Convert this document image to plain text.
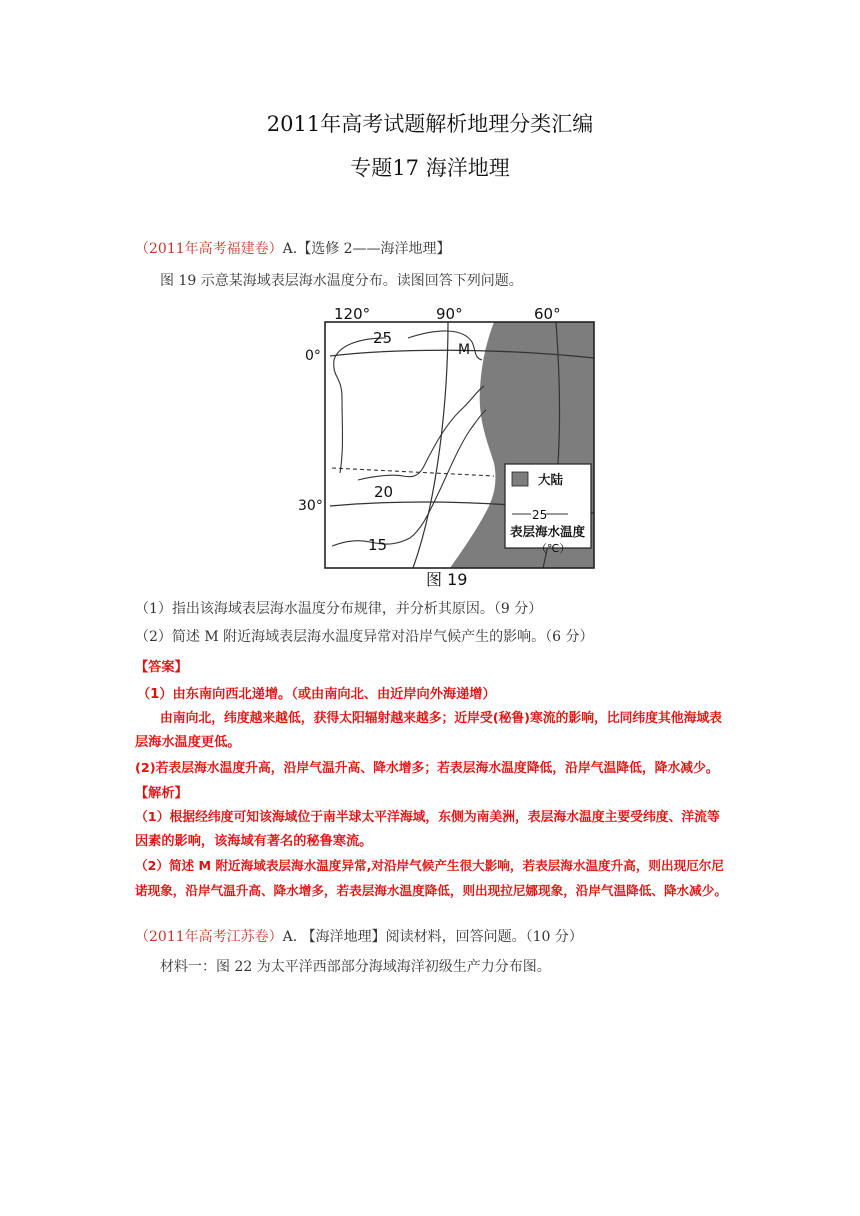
2011年高考试题解析地理分类汇编
专题17 海洋地理
（2011年高考福建卷）A.【选修 2——海洋地理】
图 19 示意某海域表层海水温度分布。读图回答下列问题。
120°	90°	60°
0°
30°
25
20
15
M
大陆
25
表层海水温度
（℃）
图 19
（1）指出该海域表层海水温度分布规律，并分析其原因。（9 分）
（2）简述 M 附近海域表层海水温度异常对沿岸气候产生的影响。（6 分）
【答案】
（1）由东南向西北递增。（或由南向北、由近岸向外海递增）
由南向北，纬度越来越低，获得太阳辐射越来越多；近岸受(秘鲁)寒流的影响，比同纬度其他海域表
层海水温度更低。
(2)若表层海水温度升高，沿岸气温升高、降水增多；若表层海水温度降低，沿岸气温降低，降水减少。
【解析】
（1）根据经纬度可知该海域位于南半球太平洋海域，东侧为南美洲，表层海水温度主要受纬度、洋流等
因素的影响，该海域有著名的秘鲁寒流。
（2）简述 M 附近海域表层海水温度异常,对沿岸气候产生很大影响，若表层海水温度升高，则出现厄尔尼
诺现象，沿岸气温升高、降水增多，若表层海水温度降低，则出现拉尼娜现象，沿岸气温降低、降水减少。
（2011年高考江苏卷）A. 【海洋地理】阅读材料，回答问题。（10 分）
材料一：图 22 为太平洋西部部分海域海洋初级生产力分布图。
